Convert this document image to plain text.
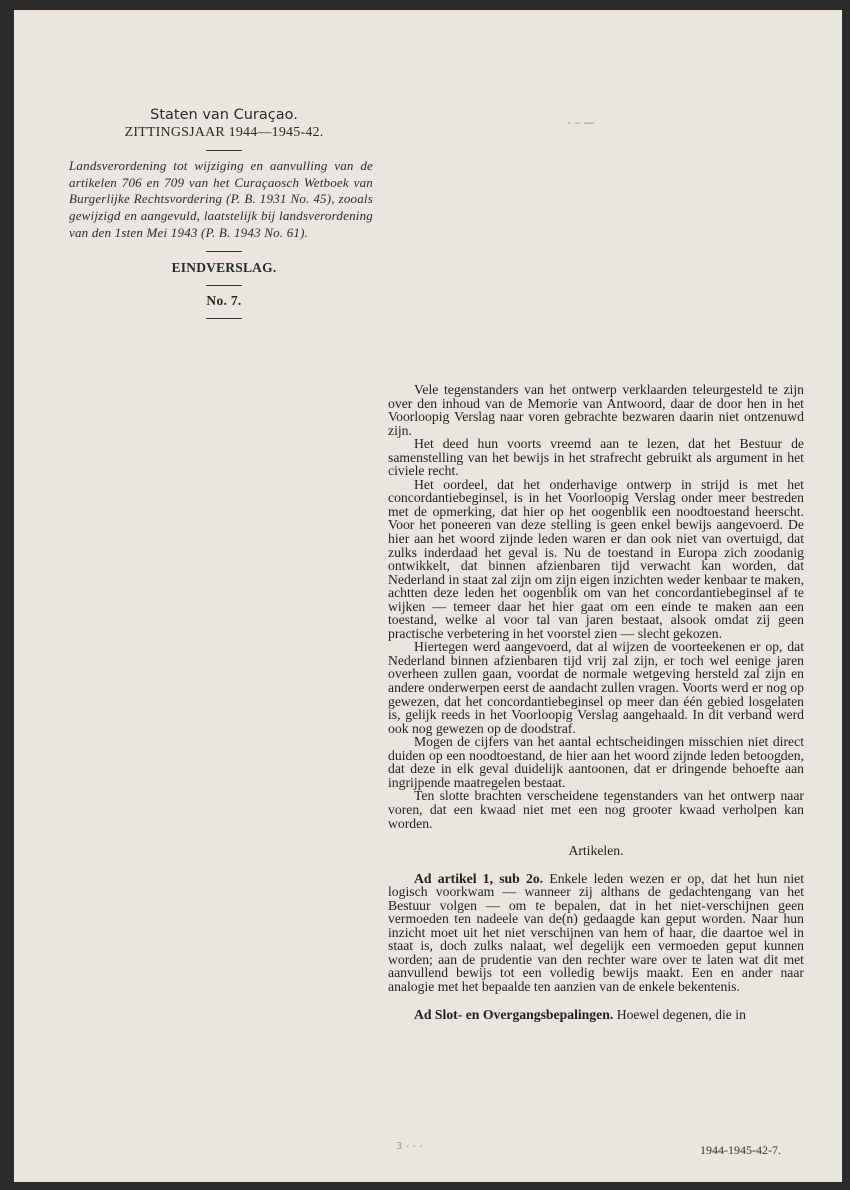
Staten van Curaçao.
ZITTINGSJAAR 1944—1945-42.
Landsverordening tot wijziging en aanvulling van de artikelen 706 en 709 van het Curaçaosch Wetboek van Burgerlijke Rechtsvordering (P. B. 1931 No. 45), zooals gewijzigd en aangevuld, laatstelijk bij landsverordening van den 1sten Mei 1943 (P. B. 1943 No. 61).
EINDVERSLAG.
No. 7.
- – —

Vele tegenstanders van het ontwerp verklaarden teleurgesteld te zijn over den inhoud van de Memorie van Antwoord, daar de door hen in het Voorloopig Verslag naar voren gebrachte bezwaren daarin niet ontzenuwd zijn.

Het deed hun voorts vreemd aan te lezen, dat het Bestuur de samenstelling van het bewijs in het strafrecht gebruikt als argument in het civiele recht.

Het oordeel, dat het onderhavige ontwerp in strijd is met het concordantiebeginsel, is in het Voorloopig Verslag onder meer bestreden met de opmerking, dat hier op het oogenblik een noodtoestand heerscht. Voor het poneeren van deze stelling is geen enkel bewijs aangevoerd. De hier aan het woord zijnde leden waren er dan ook niet van overtuigd, dat zulks inderdaad het geval is. Nu de toestand in Europa zich zoodanig ontwikkelt, dat binnen afzienbaren tijd verwacht kan worden, dat Nederland in staat zal zijn om zijn eigen inzichten weder kenbaar te maken, achtten deze leden het oogenblik om van het concordantiebeginsel af te wijken — temeer daar het hier gaat om een einde te maken aan een toestand, welke al voor tal van jaren bestaat, alsook omdat zij geen practische verbetering in het voorstel zien — slecht gekozen.

Hiertegen werd aangevoerd, dat al wijzen de voorteekenen er op, dat Nederland binnen afzienbaren tijd vrij zal zijn, er toch wel eenige jaren overheen zullen gaan, voordat de normale wetgeving hersteld zal zijn en andere onderwerpen eerst de aandacht zullen vragen. Voorts werd er nog op gewezen, dat het concordantiebeginsel op meer dan één gebied losgelaten is, gelijk reeds in het Voorloopig Verslag aangehaald. In dit verband werd ook nog gewezen op de doodstraf.

Mogen de cijfers van het aantal echtscheidingen misschien niet direct duiden op een noodtoestand, de hier aan het woord zijnde leden betoogden, dat deze in elk geval duidelijk aantoonen, dat er dringende behoefte aan ingrijpende maatregelen bestaat.

Ten slotte brachten verscheidene tegenstanders van het ontwerp naar voren, dat een kwaad niet met een nog grooter kwaad verholpen kan worden.

Artikelen.

Ad artikel 1, sub 2o. Enkele leden wezen er op, dat het hun niet logisch voorkwam — wanneer zij althans de gedachtengang van het Bestuur volgen — om te bepalen, dat in het niet-verschijnen geen vermoeden ten nadeele van de(n) gedaagde kan geput worden. Naar hun inzicht moet uit het niet verschijnen van hem of haar, die daartoe wel in staat is, doch zulks nalaat, wel degelijk een vermoeden geput kunnen worden; aan de prudentie van den rechter ware over te laten wat dit met aanvullend bewijs tot een volledig bewijs maakt. Een en ander naar analogie met het bepaalde ten aanzien van de enkele bekentenis.

Ad Slot- en Overgangsbepalingen. Hoewel degenen, die in

3 - - -	1944-1945-42-7.
